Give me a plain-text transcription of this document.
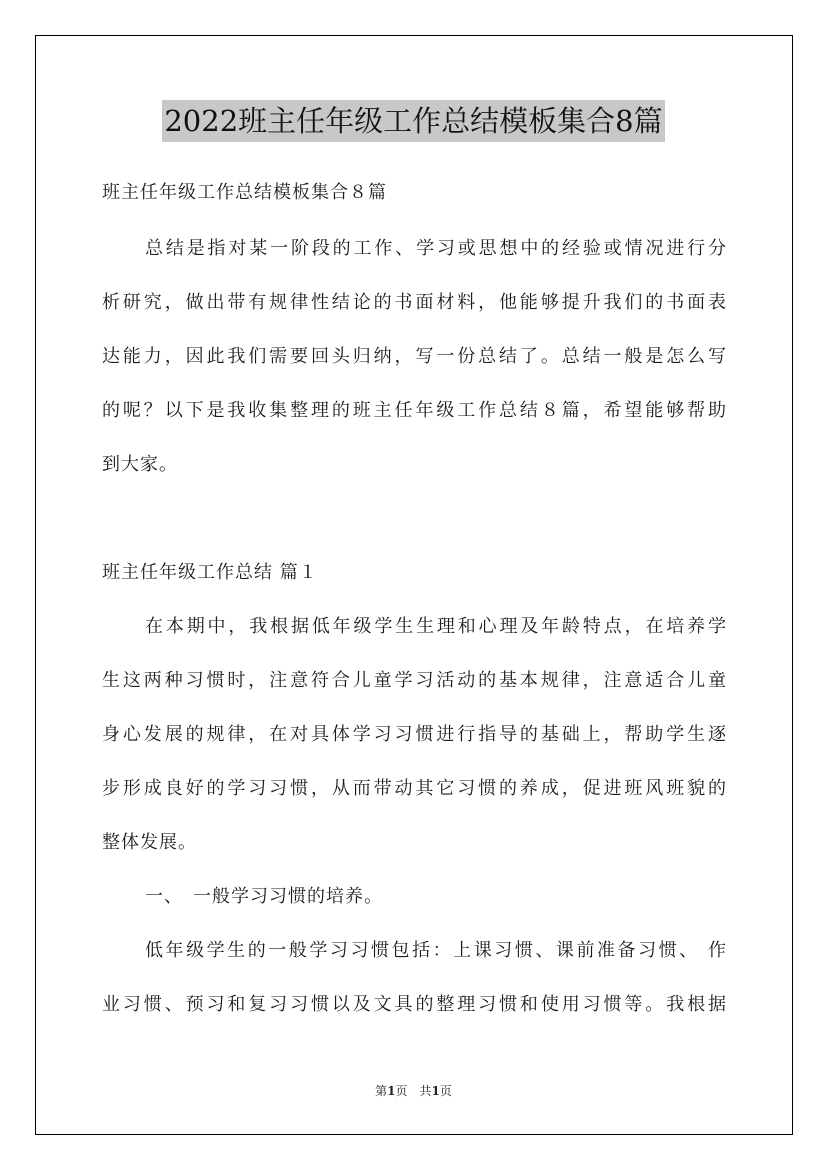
2022班主任年级工作总结模板集合8篇
班主任年级工作总结模板集合８篇
总结是指对某一阶段的工作、学习或思想中的经验或情况进行分
析研究，做出带有规律性结论的书面材料，他能够提升我们的书面表
达能力，因此我们需要回头归纳，写一份总结了。总结一般是怎么写
的呢？以下是我收集整理的班主任年级工作总结８篇，希望能够帮助
到大家。
班主任年级工作总结 篇１
在本期中，我根据低年级学生生理和心理及年龄特点，在培养学
生这两种习惯时，注意符合儿童学习活动的基本规律，注意适合儿童
身心发展的规律，在对具体学习习惯进行指导的基础上，帮助学生逐
步形成良好的学习习惯，从而带动其它习惯的养成，促进班风班貌的
整体发展。
一、　一般学习习惯的培养。
低年级学生的一般学习习惯包括：上课习惯、课前准备习惯、 作
业习惯、预习和复习习惯以及文具的整理习惯和使用习惯等。我根据
第1页　共1页
